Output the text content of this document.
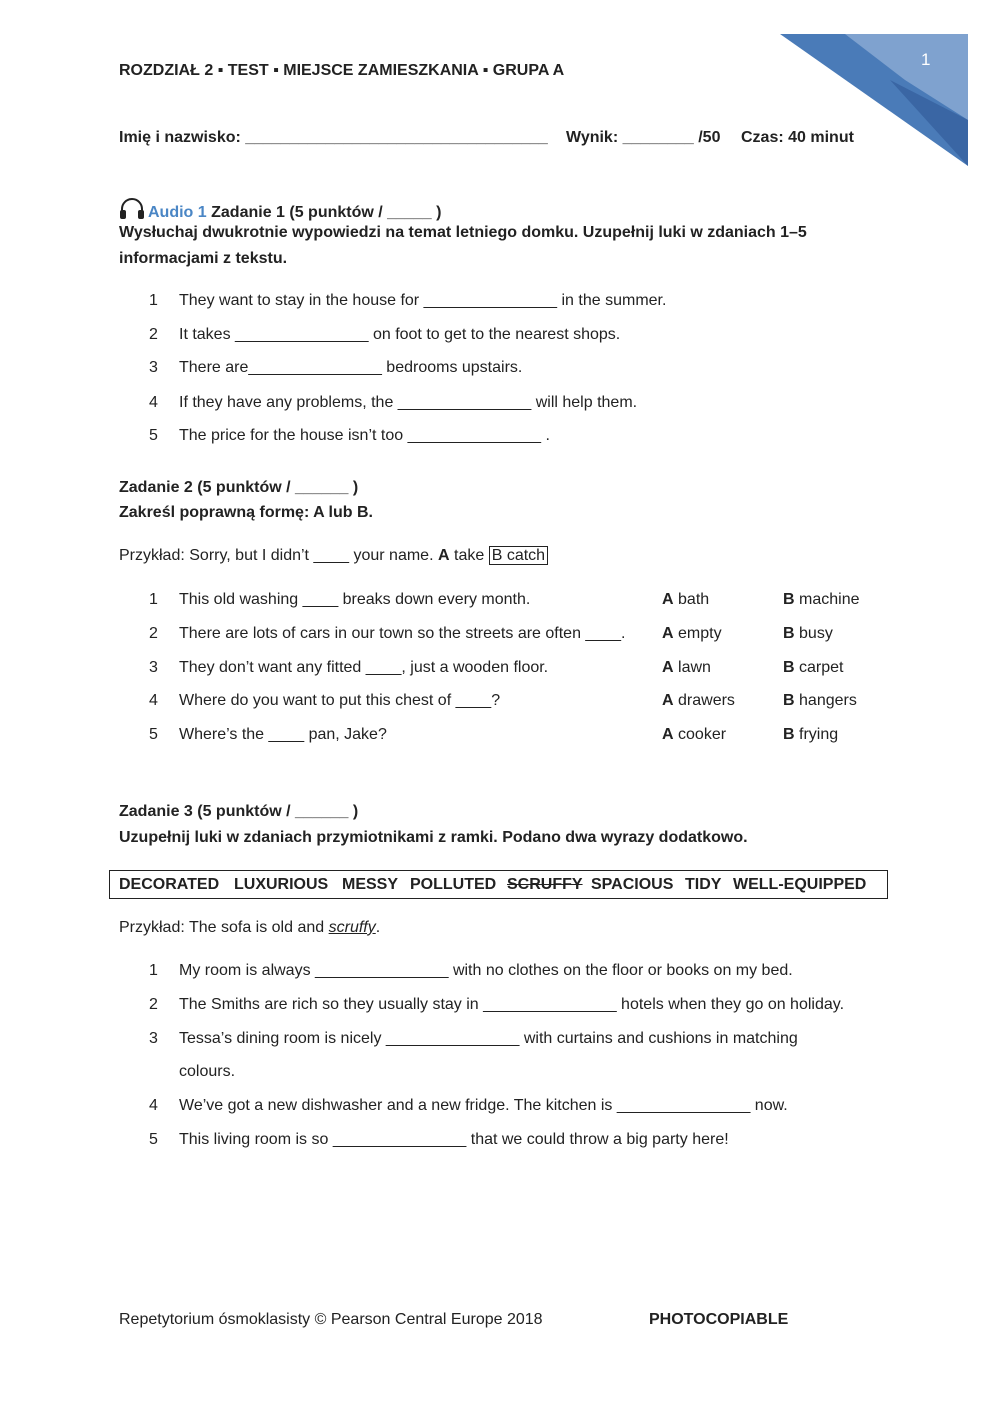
1
ROZDZIAŁ 2 ▪ TEST ▪ MIEJSCE ZAMIESZKANIA ▪ GRUPA A
Imię i nazwisko: __________________________________ Wynik: ________ /50 Czas: 40 minut
Audio 1 Zadanie 1 (5 punktów / _____ )
Wysłuchaj dwukrotnie wypowiedzi na temat letniego domku. Uzupełnij luki w zdaniach 1–5
informacjami z tekstu.
1 They want to stay in the house for _______________ in the summer.
2 It takes _______________ on foot to get to the nearest shops.
3 There are_______________ bedrooms upstairs.
4 If they have any problems, the _______________ will help them.
5 The price for the house isn’t too _______________ .
Zadanie 2 (5 punktów / ______ )
Zakreśl poprawną formę: A lub B.
Przykład: Sorry, but I didn’t ____ your name. A take B catch
1 This old washing ____ breaks down every month.	A bath	B machine
2 There are lots of cars in our town so the streets are often ____. A empty	B busy
3 They don’t want any fitted ____, just a wooden floor.	A lawn	B carpet
4 Where do you want to put this chest of ____?	A drawers	B hangers
5 Where’s the ____ pan, Jake?	A cooker	B frying
Zadanie 3 (5 punktów / ______ )
Uzupełnij luki w zdaniach przymiotnikami z ramki. Podano dwa wyrazy dodatkowo.
DECORATED LUXURIOUS MESSY POLLUTED SCRUFFY SPACIOUS TIDY WELL-EQUIPPED
Przykład: The sofa is old and scruffy.
1 My room is always _______________ with no clothes on the floor or books on my bed.
2 The Smiths are rich so they usually stay in _______________ hotels when they go on holiday.
3 Tessa’s dining room is nicely _______________ with curtains and cushions in matching
colours.
4 We’ve got a new dishwasher and a new fridge. The kitchen is _______________ now.
5 This living room is so _______________ that we could throw a big party here!
Repetytorium ósmoklasisty © Pearson Central Europe 2018	PHOTOCOPIABLE
